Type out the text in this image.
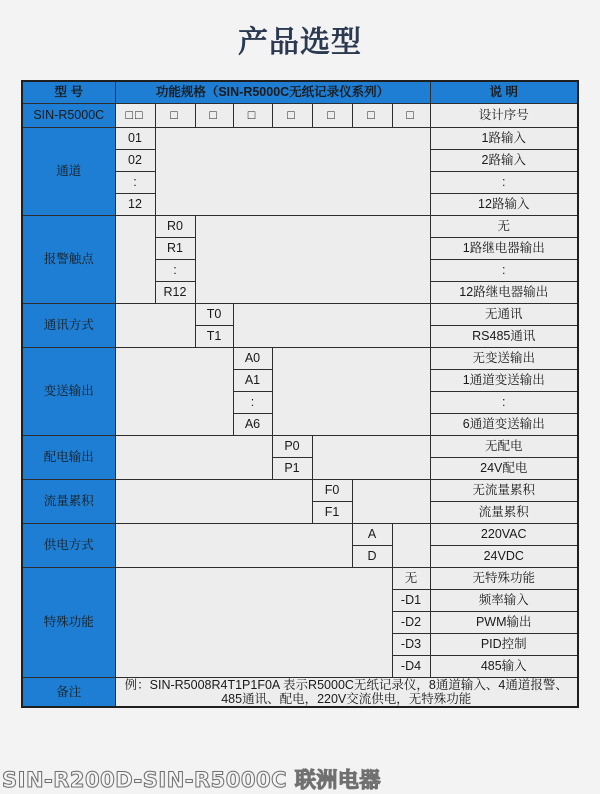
产品选型
型 号	功能规格（SIN-R5000C无纸记录仪系列）								说 明
SIN-R5000C	□□	□	□	□	□	□	□	□	设计序号
通道	01								1路输入
	02								2路输入
	:								:
	12								12路输入
报警触点		R0							无
		R1							1路继电器输出
		:							:
		R12							12路继电器输出
通讯方式			T0						无通讯
			T1						RS485通讯
变送输出				A0					无变送输出
				A1					1通道变送输出
				:					:
				A6					6通道变送输出
配电输出					P0				无配电
					P1				24V配电
流量累积						F0			无流量累积
						F1			流量累积
供电方式							A		220VAC
							D		24VDC
特殊功能								无	无特殊功能
								-D1	频率输入
								-D2	PWM输出
								-D3	PID控制
								-D4	485输入
备注	例：SIN-R5008R4T1P1F0A 表示R5000C无纸记录仪，8通道输入、4通道报警、485通讯、配电，220V交流供电，无特殊功能								
SIN-R200D-SIN-R5000C 联洲电器
